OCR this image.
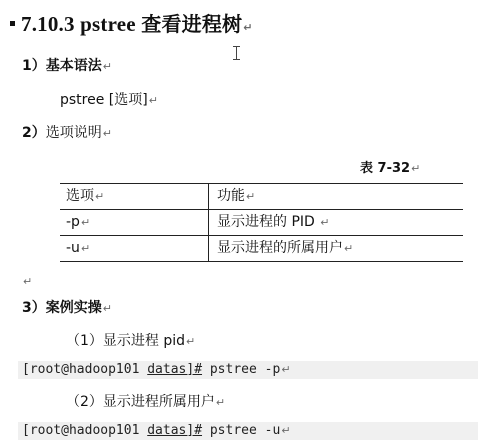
7.10.3 pstree 查看进程树↵
1）基本语法↵
pstree [选项]↵
2）选项说明↵
表 7-32↵
选项↵	功能↵
-p↵	显示进程的 PID ↵
-u↵	显示进程的所属用户↵
↵
3）案例实操↵
（1）显示进程 pid↵
[root@hadoop101 datas]# pstree -p↵
（2）显示进程所属用户↵
[root@hadoop101 datas]# pstree -u↵
